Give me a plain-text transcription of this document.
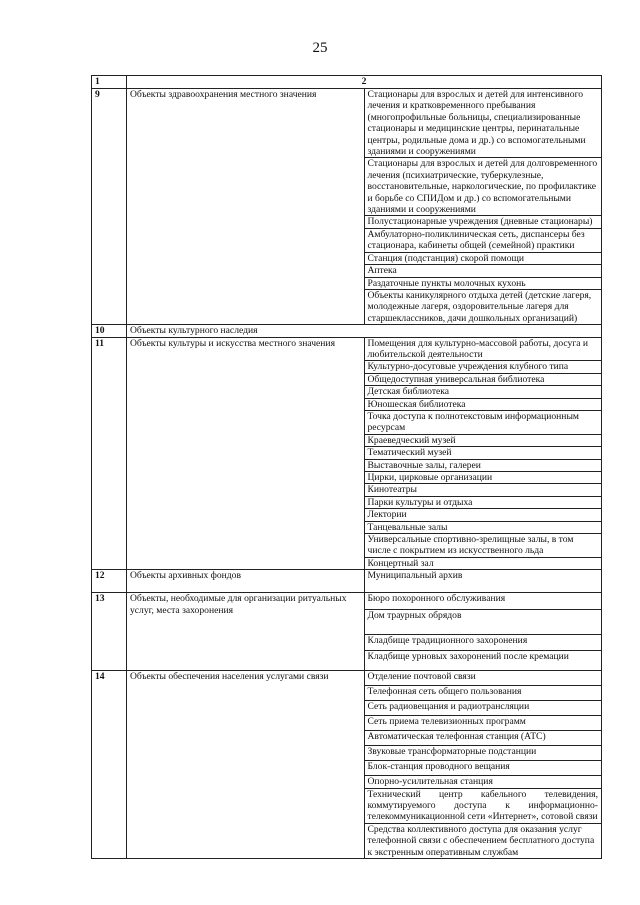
25
1	2	
9	Объекты здравоохранения местного значения	Стационары для взрослых и детей для интенсивного лечения и кратковременного пребывания (многопрофильные больницы, специализированные стационары и медицинские центры, перинатальные центры, родильные дома и др.) со вспомогательными зданиями и сооружениями
		Стационары для взрослых и детей для долговременного лечения (психиатрические, туберкулезные, восстановительные, наркологические, по профилактике и борьбе со СПИДом и др.) со вспомогательными зданиями и сооружениями
		Полустационарные учреждения (дневные стационары)
		Амбулаторно-поликлиническая сеть, диспансеры без стационара, кабинеты общей (семейной) практики
		Станция (подстанция) скорой помощи
		Аптека
		Раздаточные пункты молочных кухонь
		Объекты каникулярного отдыха детей (детские лагеря, молодежные лагеря, оздоровительные лагеря для старшеклассников, дачи дошкольных организаций)
10	Объекты культурного наследия	
11	Объекты культуры и искусства местного значения	Помещения для культурно-массовой работы, досуга и любительской деятельности
		Культурно-досуговые учреждения клубного типа
		Общедоступная универсальная библиотека
		Детская библиотека
		Юношеская библиотека
		Точка доступа к полнотекстовым информационным ресурсам
		Краеведческий музей
		Тематический музей
		Выставочные залы, галереи
		Цирки, цирковые организации
		Кинотеатры
		Парки культуры и отдыха
		Лектории
		Танцевальные залы
		Универсальные спортивно-зрелищные залы, в том числе с покрытием из искусственного льда
		Концертный зал
12	Объекты архивных фондов	Муниципальный архив
13	Объекты, необходимые для организации ритуальных услуг, места захоронения	Бюро похоронного обслуживания
		Дом траурных обрядов
		Кладбище традиционного захоронения
		Кладбище урновых захоронений после кремации
14	Объекты обеспечения населения услугами связи	Отделение почтовой связи
		Телефонная сеть общего пользования
		Сеть радиовещания и радиотрансляции
		Сеть приема телевизионных программ
		Автоматическая телефонная станция (АТС)
		Звуковые трансформаторные подстанции
		Блок-станция проводного вещания
		Опорно-усилительная станция
		Технический центр кабельного телевидения, коммутируемого доступа к информационно-телекоммуникационной сети «Интернет», сотовой связи
		Средства коллективного доступа для оказания услуг телефонной связи с обеспечением бесплатного доступа к экстренным оперативным службам
